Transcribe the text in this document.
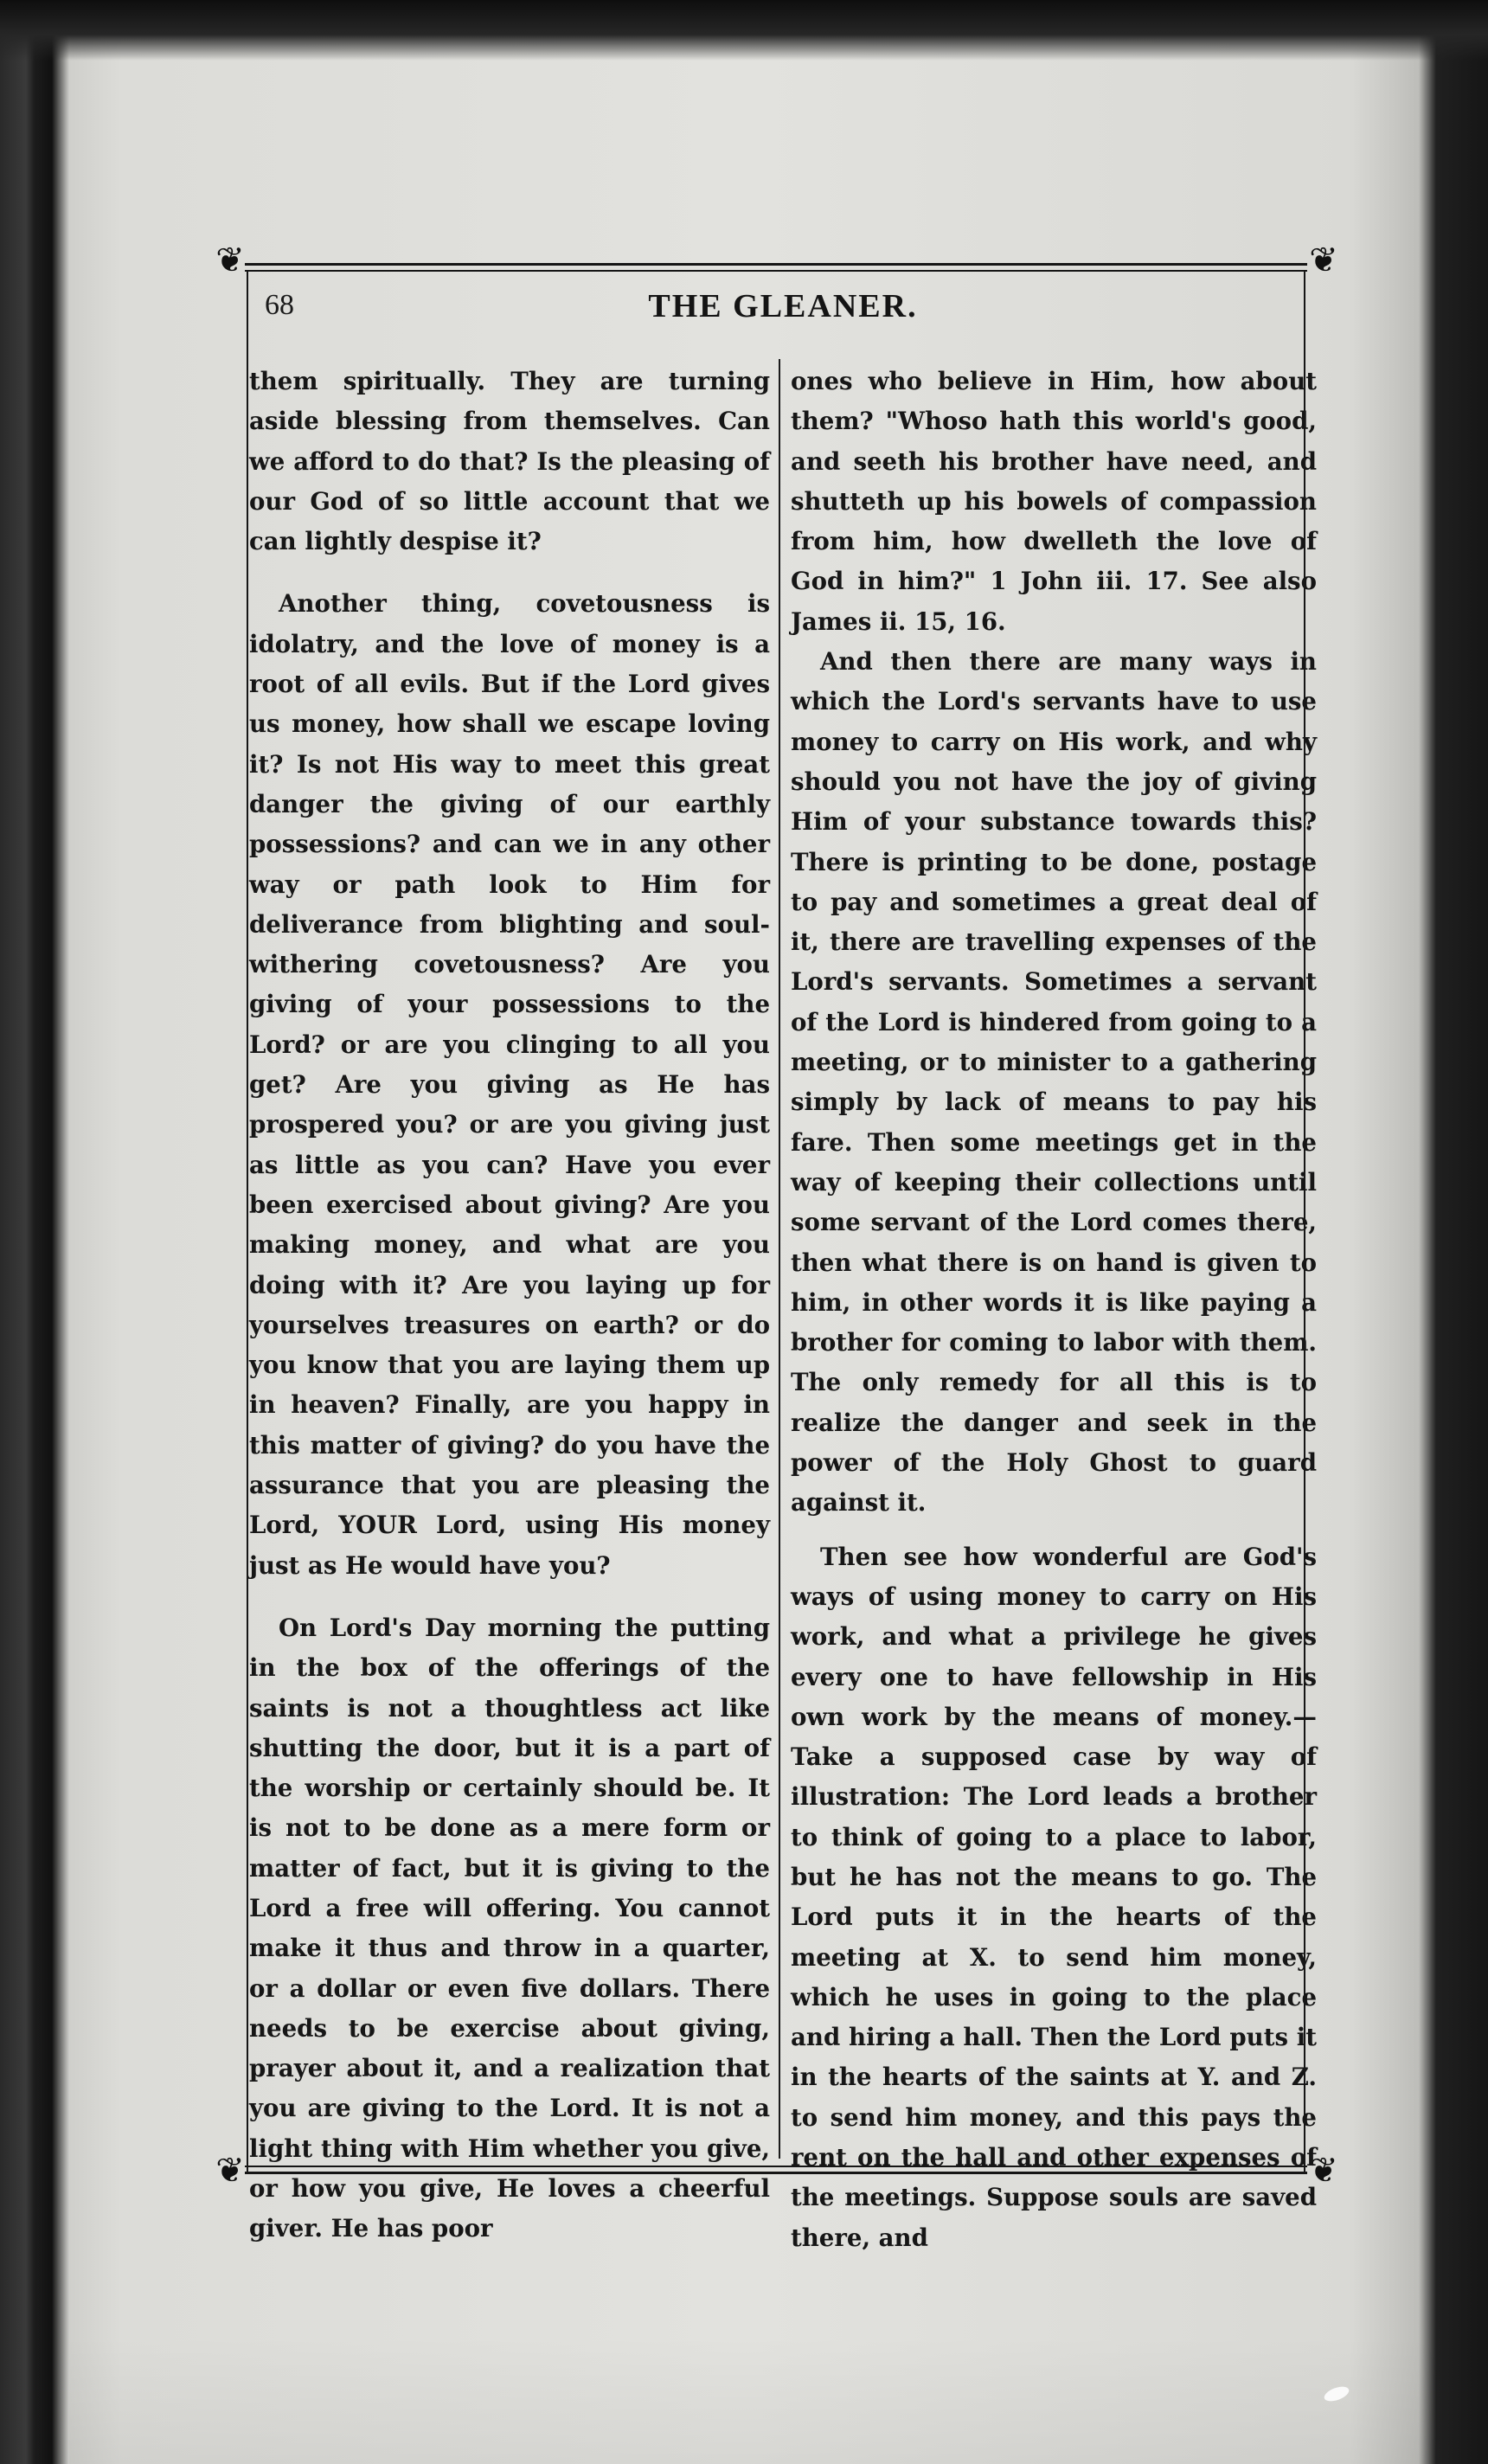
❦	❦
❦	❦
68	THE GLEANER.

them spiritually. They are turning aside blessing from themselves. Can we afford to do that? Is the pleasing of our God of so little account that we can lightly despise it?

Another thing, covetousness is idolatry, and the love of money is a root of all evils. But if the Lord gives us money, how shall we escape loving it? Is not His way to meet this great danger the giving of our earthly possessions? and can we in any other way or path look to Him for deliverance from blighting and soul-withering covetousness? Are you giving of your possessions to the Lord? or are you clinging to all you get? Are you giving as He has prospered you? or are you giving just as little as you can? Have you ever been exercised about giving? Are you making money, and what are you doing with it? Are you laying up for yourselves treasures on earth? or do you know that you are laying them up in heaven? Finally, are you happy in this matter of giving? do you have the assurance that you are pleasing the Lord, YOUR Lord, using His money just as He would have you?

On Lord's Day morning the putting in the box of the offerings of the saints is not a thoughtless act like shutting the door, but it is a part of the worship or certainly should be. It is not to be done as a mere form or matter of fact, but it is giving to the Lord a free will offering. You cannot make it thus and throw in a quarter, or a dollar or even five dollars. There needs to be exercise about giving, prayer about it, and a realization that you are giving to the Lord. It is not a light thing with Him whether you give, or how you give, He loves a cheerful giver. He has poor

ones who believe in Him, how about them? "Whoso hath this world's good, and seeth his brother have need, and shutteth up his bowels of compassion from him, how dwelleth the love of God in him?" 1 John iii. 17. See also James ii. 15, 16.

And then there are many ways in which the Lord's servants have to use money to carry on His work, and why should you not have the joy of giving Him of your substance towards this? There is printing to be done, postage to pay and sometimes a great deal of it, there are travelling expenses of the Lord's servants. Sometimes a servant of the Lord is hindered from going to a meeting, or to minister to a gathering simply by lack of means to pay his fare. Then some meetings get in the way of keeping their collections until some servant of the Lord comes there, then what there is on hand is given to him, in other words it is like paying a brother for coming to labor with them. The only remedy for all this is to realize the danger and seek in the power of the Holy Ghost to guard against it.

Then see how wonderful are God's ways of using money to carry on His work, and what a privilege he gives every one to have fellowship in His own work by the means of money.— Take a supposed case by way of illustration: The Lord leads a brother to think of going to a place to labor, but he has not the means to go. The Lord puts it in the hearts of the meeting at X. to send him money, which he uses in going to the place and hiring a hall. Then the Lord puts it in the hearts of the saints at Y. and Z. to send him money, and this pays the rent on the hall and other expenses of the meetings. Suppose souls are saved there, and
